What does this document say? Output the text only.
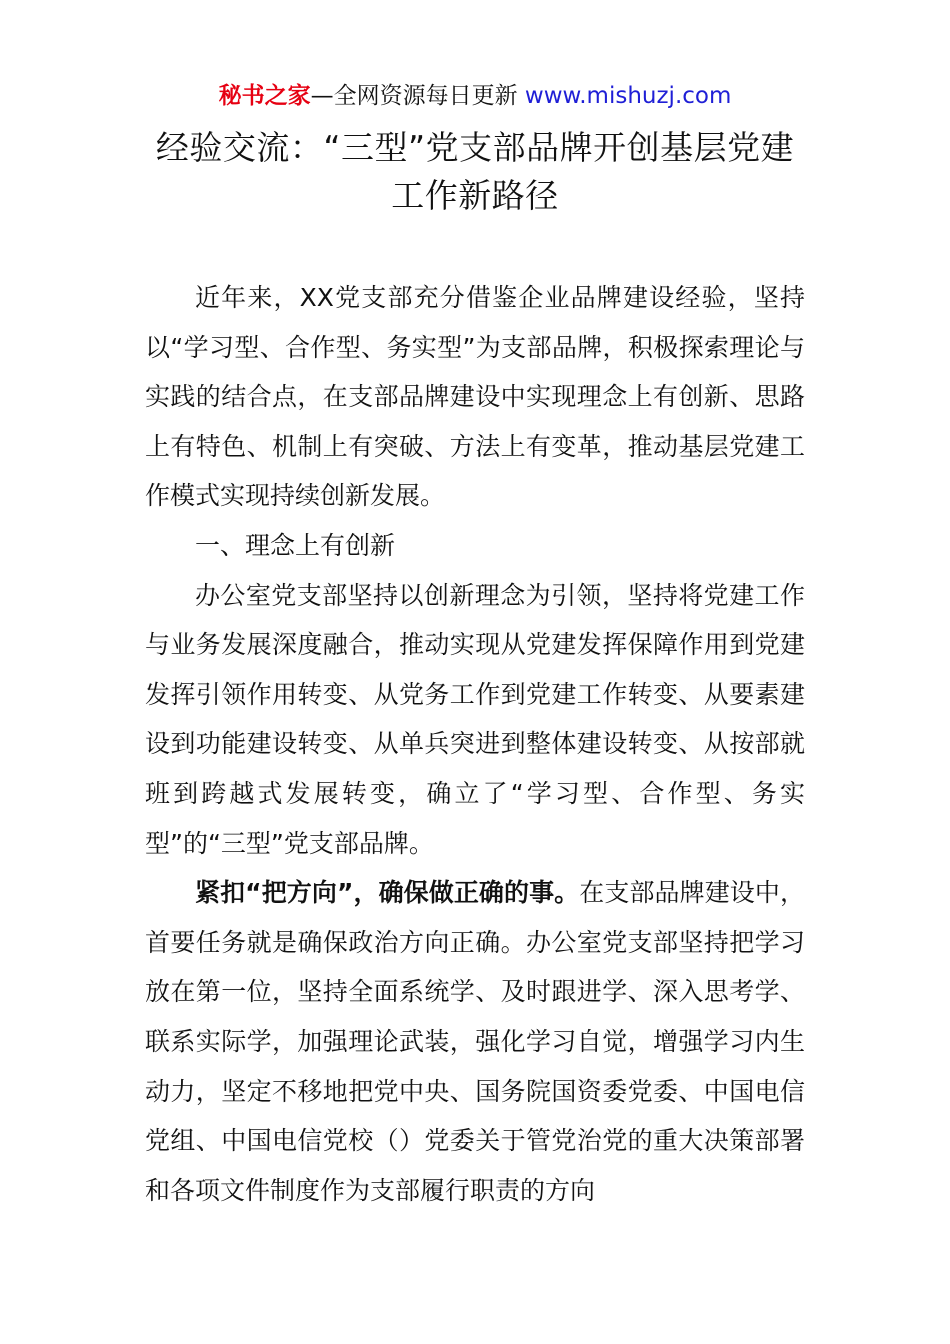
秘书之家—全网资源每日更新 www.mishuzj.com
经验交流：“三型”党支部品牌开创基层党建工作新路径

近年来，XX党支部充分借鉴企业品牌建设经验，坚持以“学习型、合作型、务实型”为支部品牌，积极探索理论与实践的结合点，在支部品牌建设中实现理念上有创新、思路上有特色、机制上有突破、方法上有变革，推动基层党建工作模式实现持续创新发展。

一、理念上有创新

办公室党支部坚持以创新理念为引领，坚持将党建工作与业务发展深度融合，推动实现从党建发挥保障作用到党建发挥引领作用转变、从党务工作到党建工作转变、从要素建设到功能建设转变、从单兵突进到整体建设转变、从按部就班到跨越式发展转变，确立了“学习型、合作型、务实型”的“三型”党支部品牌。

紧扣“把方向”，确保做正确的事。在支部品牌建设中，首要任务就是确保政治方向正确。办公室党支部坚持把学习放在第一位，坚持全面系统学、及时跟进学、深入思考学、联系实际学，加强理论武装，强化学习自觉，增强学习内生动力，坚定不移地把党中央、国务院国资委党委、中国电信党组、中国电信党校（）党委关于管党治党的重大决策部署和各项文件制度作为支部履行职责的方向
